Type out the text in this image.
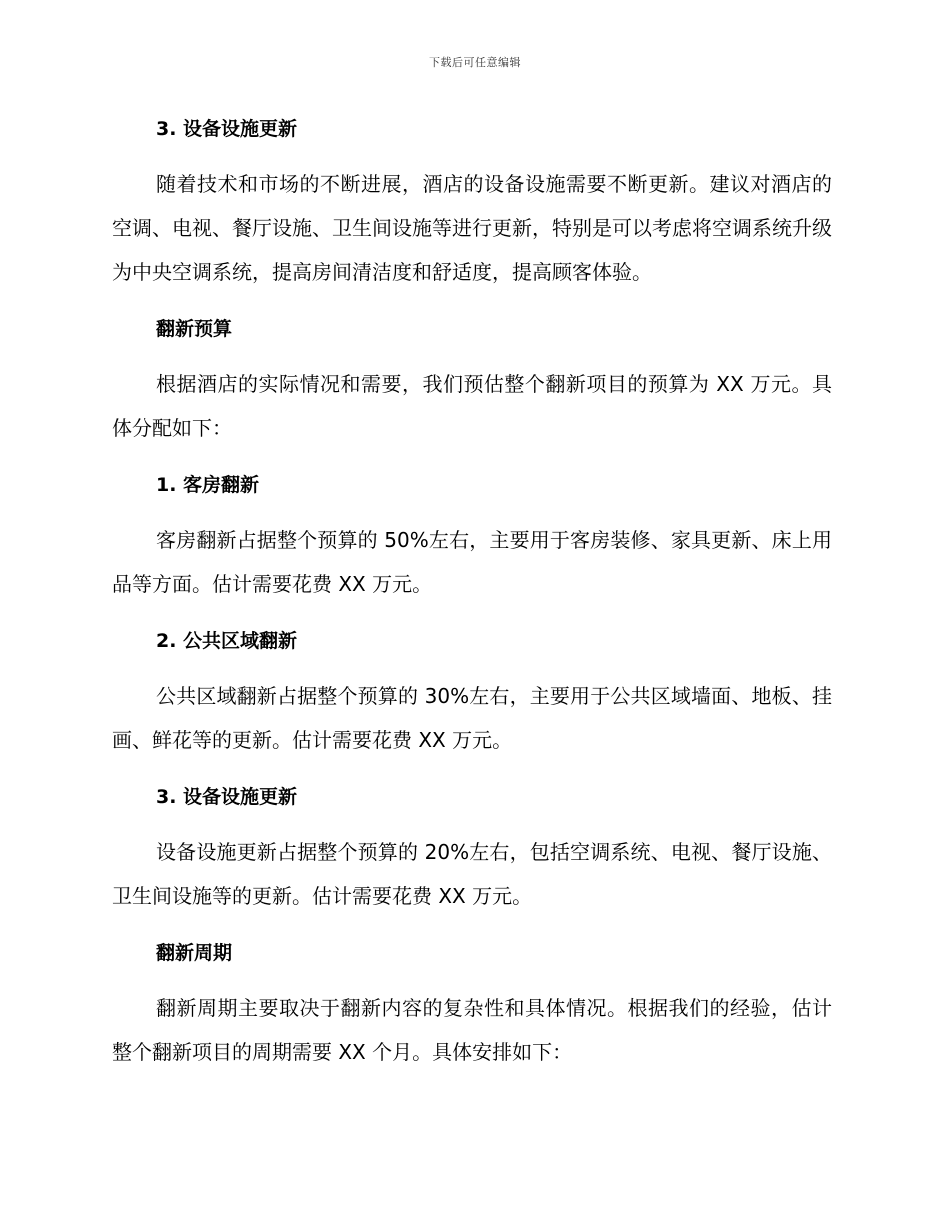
下载后可任意编辑
3. 设备设施更新

随着技术和市场的不断进展，酒店的设备设施需要不断更新。建议对酒店的空调、电视、餐厅设施、卫生间设施等进行更新，特别是可以考虑将空调系统升级为中央空调系统，提高房间清洁度和舒适度，提高顾客体验。

翻新预算

根据酒店的实际情况和需要，我们预估整个翻新项目的预算为 XX 万元。具体分配如下：

1. 客房翻新

客房翻新占据整个预算的 50%左右，主要用于客房装修、家具更新、床上用品等方面。估计需要花费 XX 万元。

2. 公共区域翻新

公共区域翻新占据整个预算的 30%左右，主要用于公共区域墙面、地板、挂画、鲜花等的更新。估计需要花费 XX 万元。

3. 设备设施更新

设备设施更新占据整个预算的 20%左右，包括空调系统、电视、餐厅设施、卫生间设施等的更新。估计需要花费 XX 万元。

翻新周期

翻新周期主要取决于翻新内容的复杂性和具体情况。根据我们的经验，估计整个翻新项目的周期需要 XX 个月。具体安排如下：
